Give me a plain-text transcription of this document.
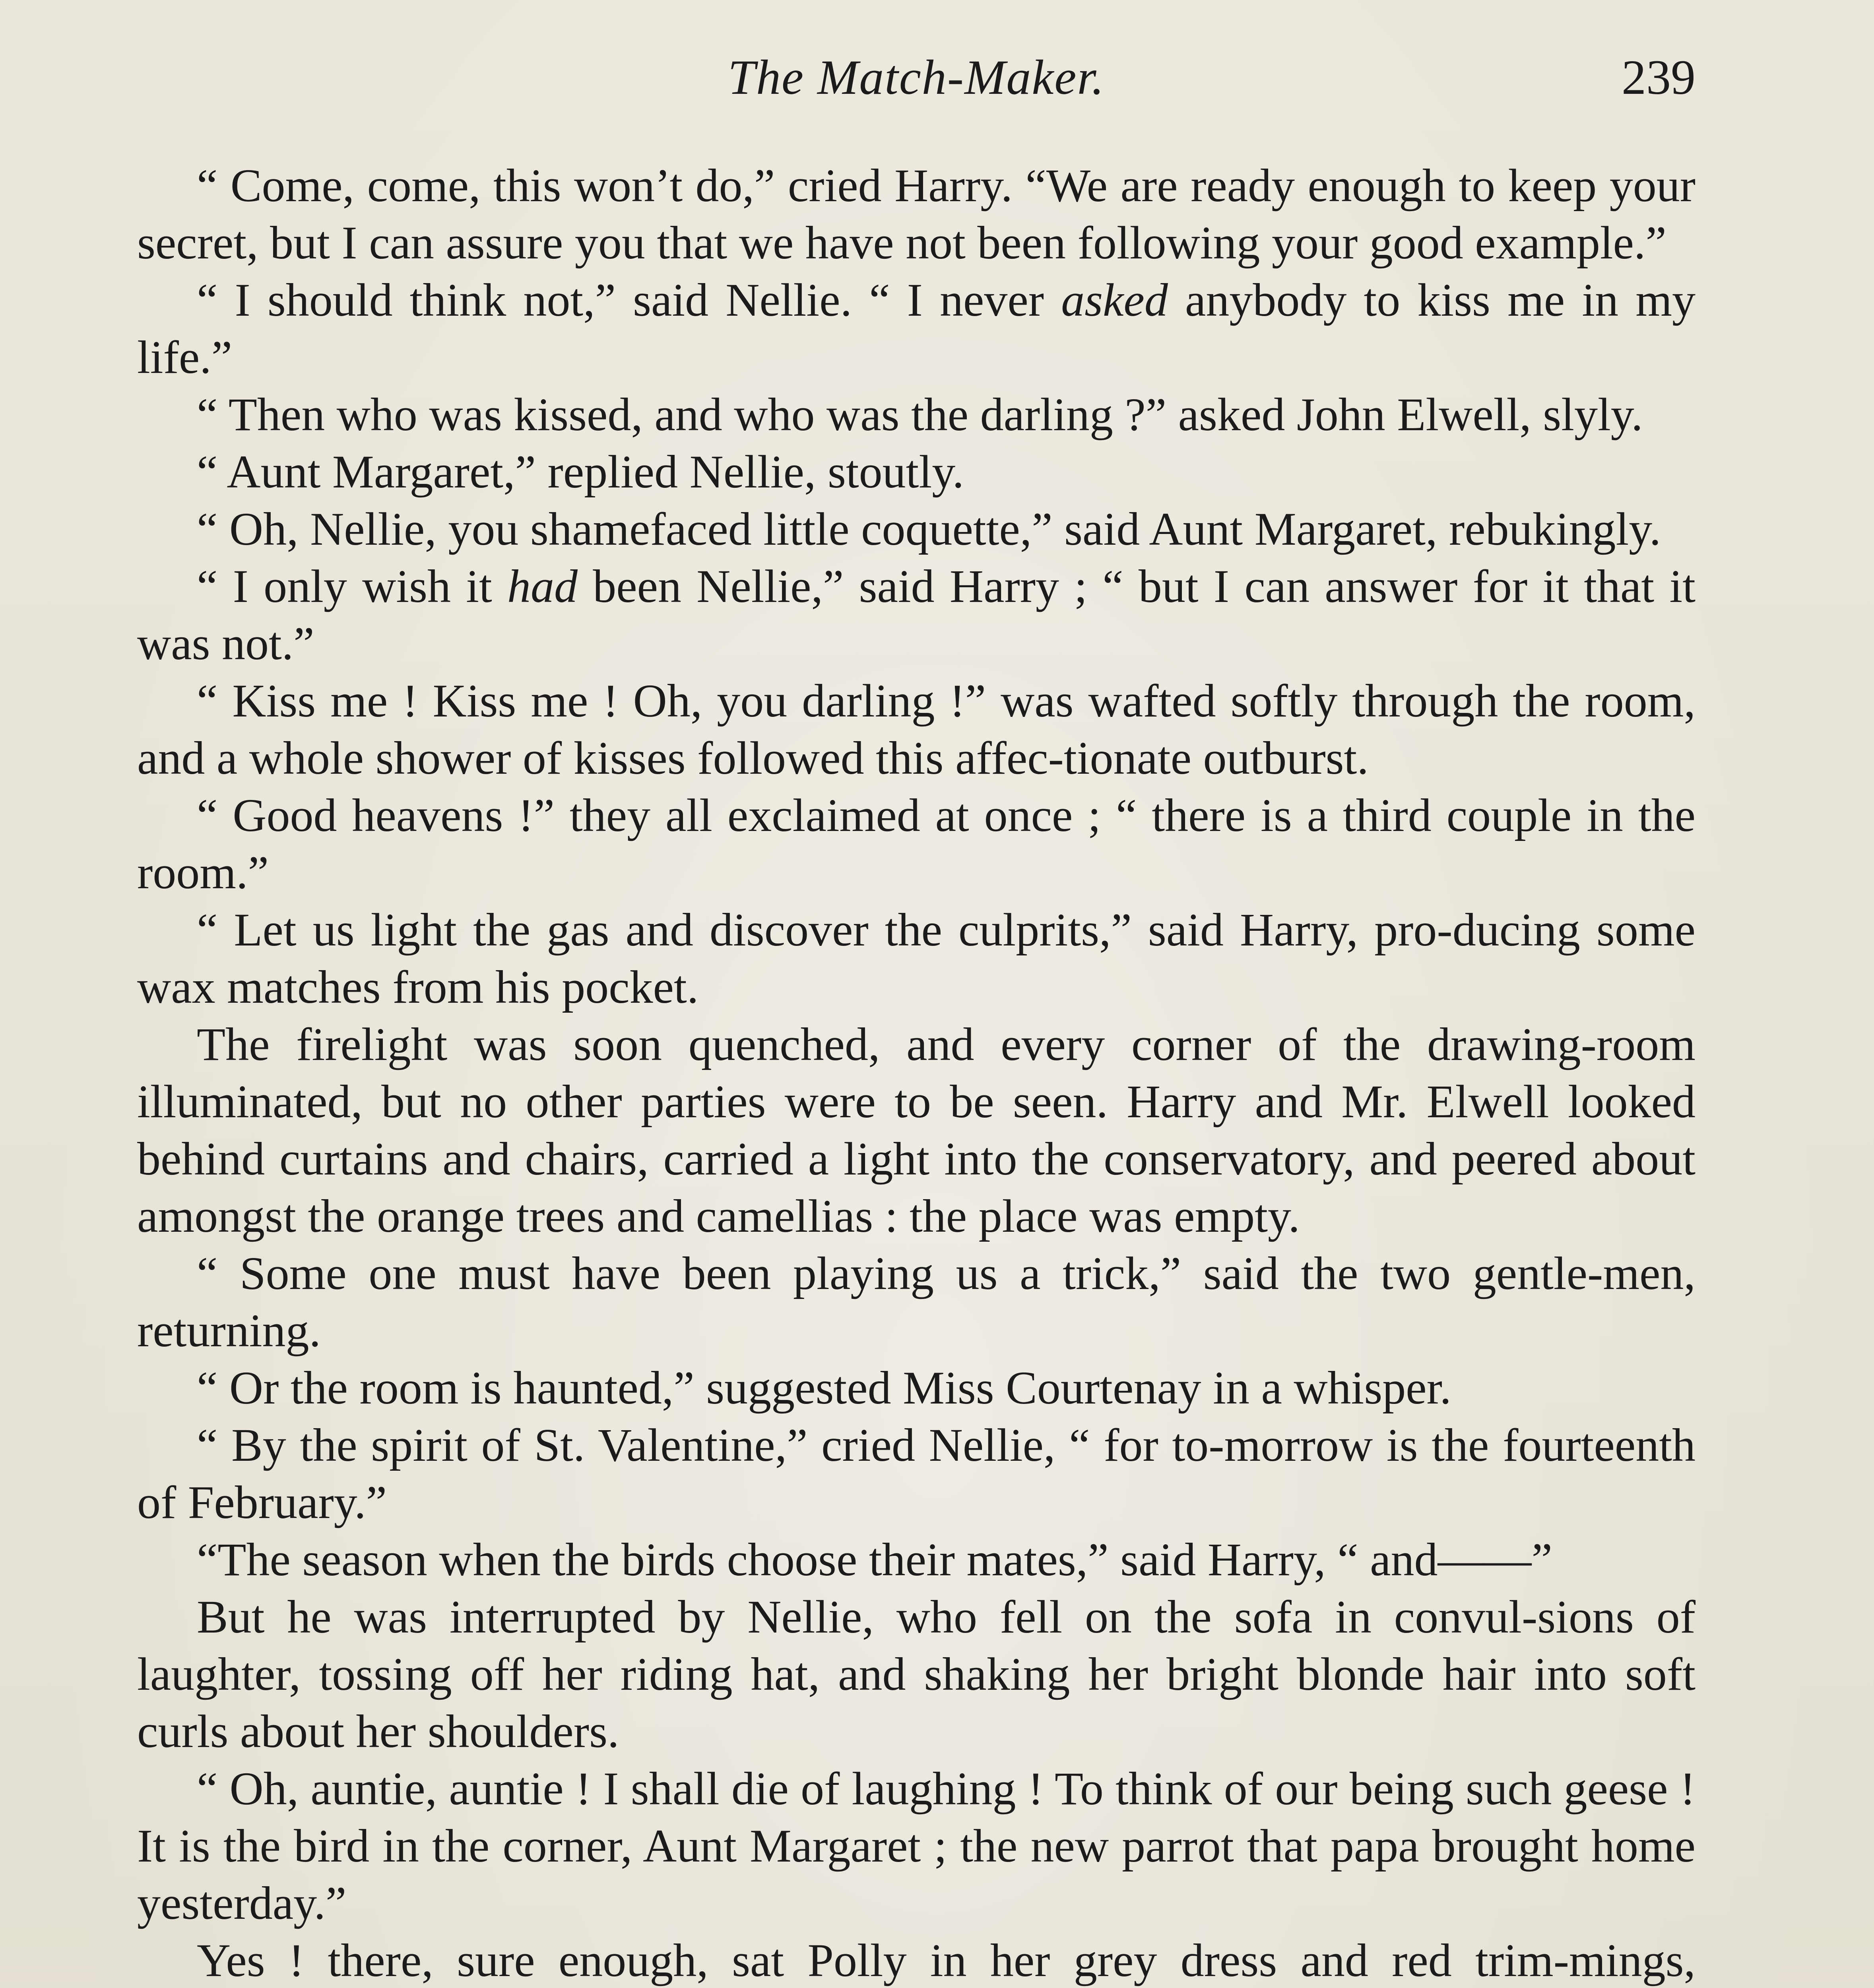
The Match-Maker.	239

“ Come, come, this won’t do,” cried Harry. “We are ready enough to keep your secret, but I can assure you that we have not been following your good example.”

“ I should think not,” said Nellie. “ I never asked anybody to kiss me in my life.”

“ Then who was kissed, and who was the darling ?” asked John Elwell, slyly.

“ Aunt Margaret,” replied Nellie, stoutly.

“ Oh, Nellie, you shamefaced little coquette,” said Aunt Margaret, rebukingly.

“ I only wish it had been Nellie,” said Harry ; “ but I can answer for it that it was not.”

“ Kiss me ! Kiss me ! Oh, you darling !” was wafted softly through the room, and a whole shower of kisses followed this affec‑tionate outburst.

“ Good heavens !” they all exclaimed at once ; “ there is a third couple in the room.”

“ Let us light the gas and discover the culprits,” said Harry, pro‑ducing some wax matches from his pocket.

The firelight was soon quenched, and every corner of the drawing-room illuminated, but no other parties were to be seen. Harry and Mr. Elwell looked behind curtains and chairs, carried a light into the conservatory, and peered about amongst the orange trees and camellias : the place was empty.

“ Some one must have been playing us a trick,” said the two gentle‑men, returning.

“ Or the room is haunted,” suggested Miss Courtenay in a whisper.

“ By the spirit of St. Valentine,” cried Nellie, “ for to-morrow is the fourteenth of February.”

“The season when the birds choose their mates,” said Harry, “ and——”

But he was interrupted by Nellie, who fell on the sofa in convul‑sions of laughter, tossing off her riding hat, and shaking her bright blonde hair into soft curls about her shoulders.

“ Oh, auntie, auntie ! I shall die of laughing ! To think of our being such geese ! It is the bird in the corner, Aunt Margaret ; the new parrot that papa brought home yesterday.”

Yes ! there, sure enough, sat Polly in her grey dress and red trim‑mings,
